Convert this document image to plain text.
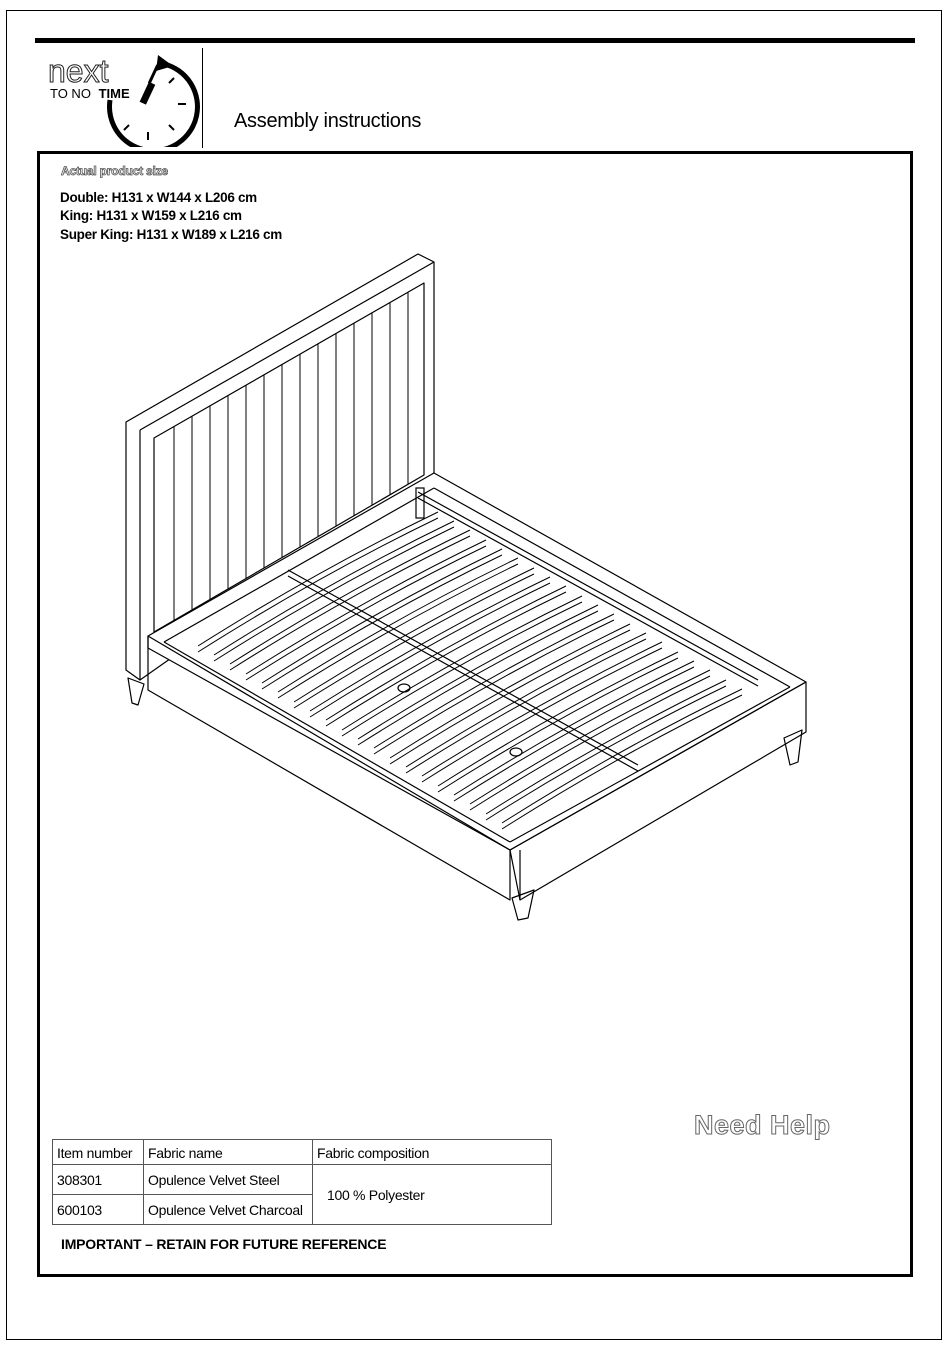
next
TO NO TIME
Assembly instructions
Actual product size
Double: H131 x W144 x L206 cm
King: H131 x W159 x L216 cm
Super King: H131 x W189 x L216 cm
Need Help
Item number	Fabric name	Fabric composition
308301	Opulence Velvet Steel	100 % Polyester
600103	Opulence Velvet Charcoal	
IMPORTANT – RETAIN FOR FUTURE REFERENCE
